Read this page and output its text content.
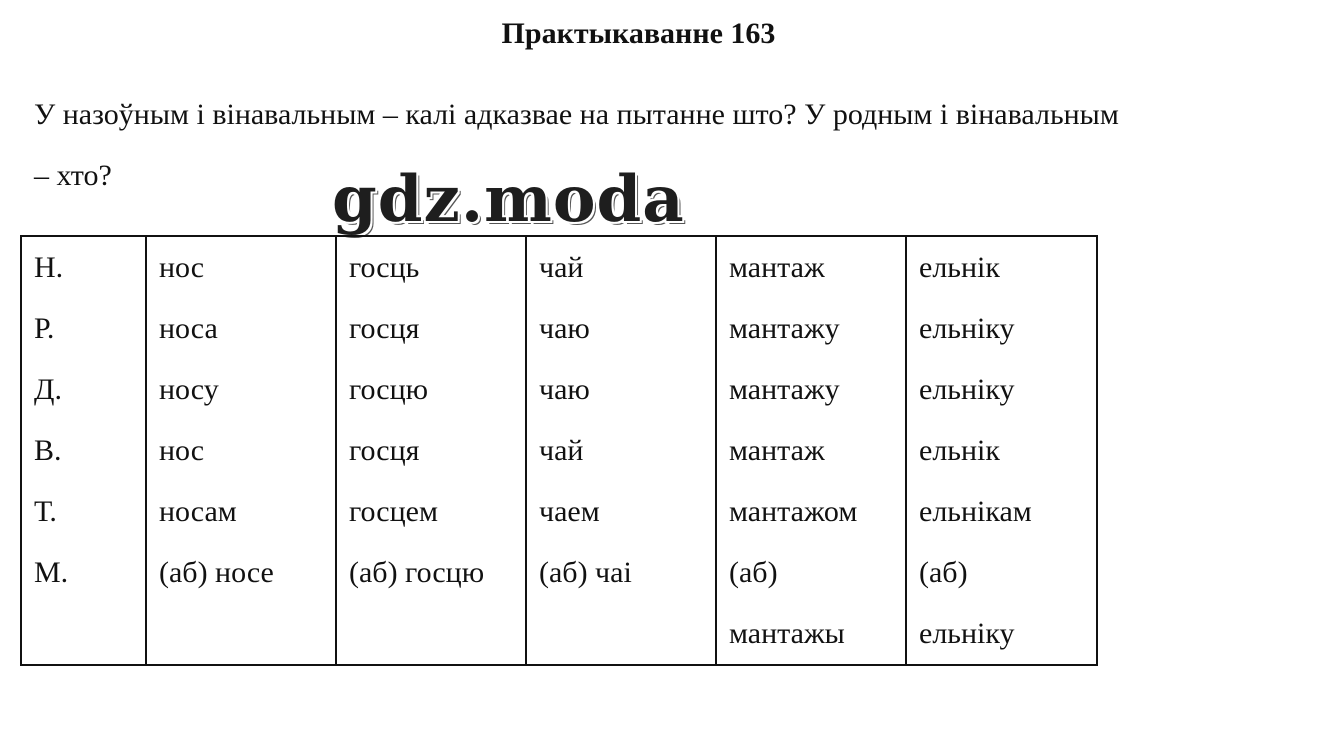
Практыкаванне 163
У назоўным і вінавальным – калі адказвае на пытанне што? У родным і вінавальным – хто?	gdz.moda
Н.	нос	госць	чай	мантаж	ельнік
Р.	носа	госця	чаю	мантажу	ельніку
Д.	носу	госцю	чаю	мантажу	ельніку
В.	нос	госця	чай	мантаж	ельнік
Т.	носам	госцем	чаем	мантажом	ельнікам
М.	(аб) носе	(аб) госцю	(аб) чаі	(аб)	(аб)
				мантажы	ельніку
